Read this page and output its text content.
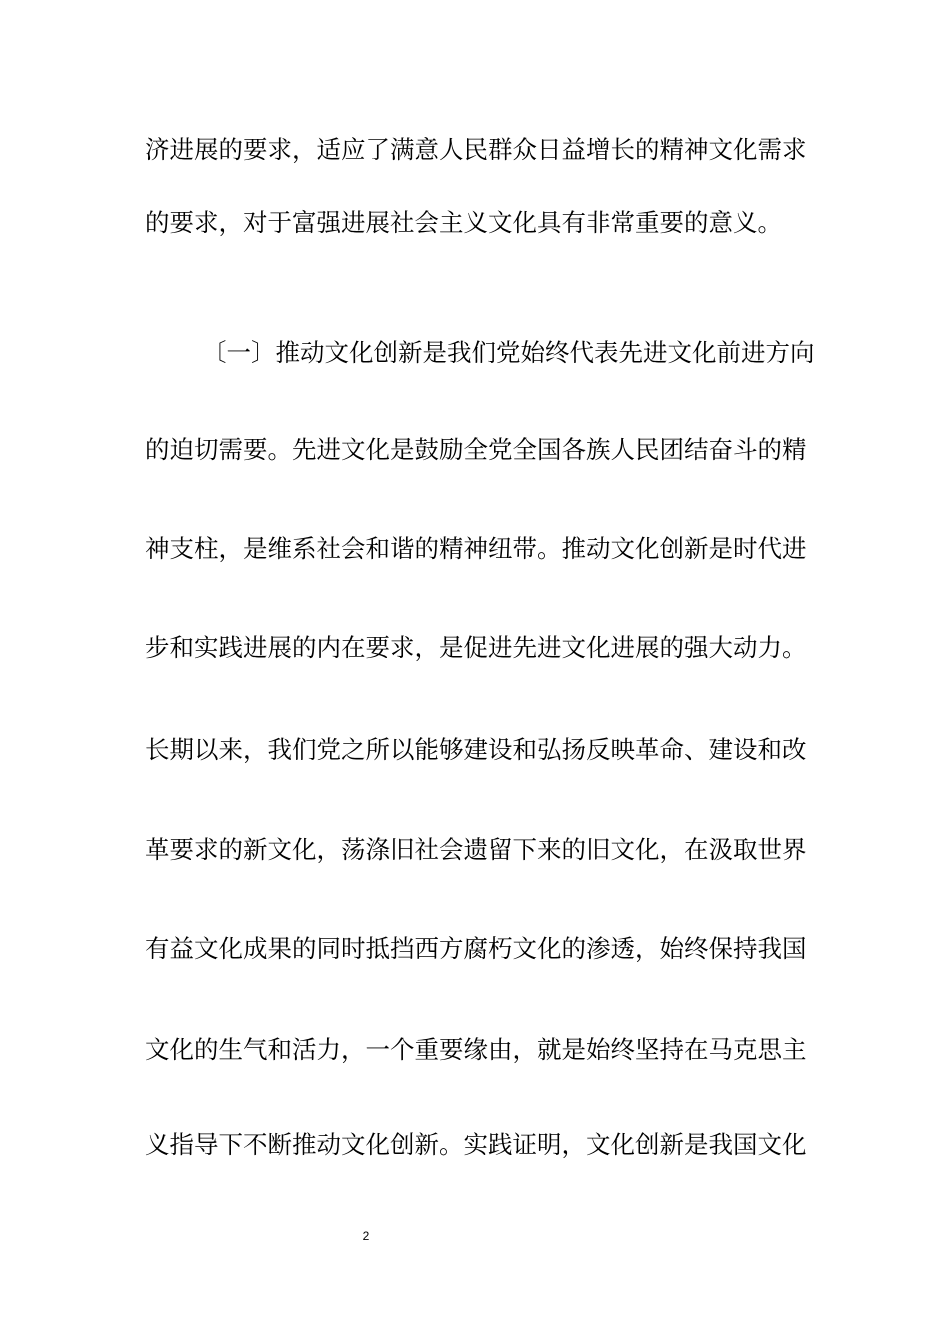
济进展的要求，适应了满意人民群众日益增长的精神文化需求
的要求，对于富强进展社会主义文化具有非常重要的意义。
〔一〕推动文化创新是我们党始终代表先进文化前进方向
的迫切需要。先进文化是鼓励全党全国各族人民团结奋斗的精
神支柱，是维系社会和谐的精神纽带。推动文化创新是时代进
步和实践进展的内在要求，是促进先进文化进展的强大动力。
长期以来，我们党之所以能够建设和弘扬反映革命、建设和改
革要求的新文化，荡涤旧社会遗留下来的旧文化，在汲取世界
有益文化成果的同时抵挡西方腐朽文化的渗透，始终保持我国
文化的生气和活力，一个重要缘由，就是始终坚持在马克思主
义指导下不断推动文化创新。实践证明，文化创新是我国文化
2
